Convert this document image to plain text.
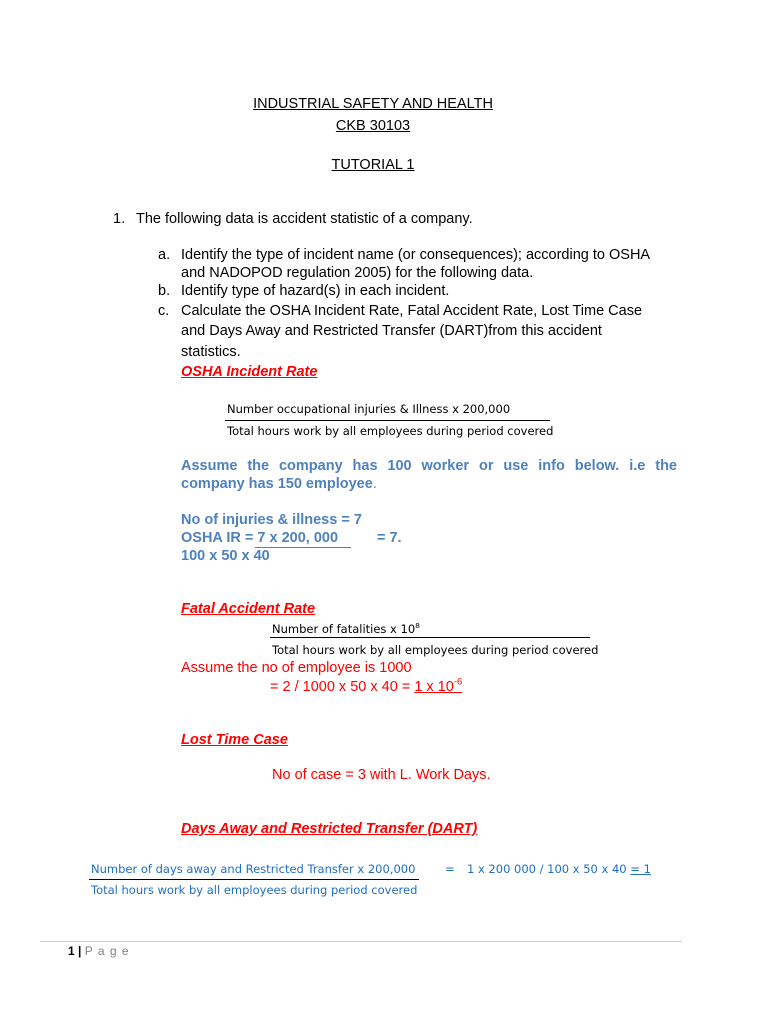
INDUSTRIAL SAFETY AND HEALTH
CKB 30103
TUTORIAL 1
1. The following data is accident statistic of a company.
a. Identify the type of incident name (or consequences); according to OSHA
and NADOPOD regulation 2005) for the following data.
b. Identify type of hazard(s) in each incident.
c. Calculate the OSHA Incident Rate, Fatal Accident Rate, Lost Time Case
and Days Away and Restricted Transfer (DART)from this accident
statistics.
OSHA Incident Rate
Number occupational injuries & Illness x 200,000
Total hours work by all employees during period covered
Assume the company has 100 worker or use info below. i.e the
company has 150 employee.
No of injuries & illness = 7
OSHA IR = 7 x 200, 000	= 7.
100 x 50 x 40
Fatal Accident Rate
Number of fatalities x $10^8$
Total hours work by all employees during period covered
Assume the no of employee is 1000
= 2 / 1000 x 50 x 40 = 1 x $10^{-6}$
Lost Time Case
No of case = 3 with L. Work Days.
Days Away and Restricted Transfer (DART)
Number of days away and Restricted Transfer x 200,000
Total hours work by all employees during period covered
= 1 x 200 000 / 100 x 50 x 40 = 1
1 | P a g e
